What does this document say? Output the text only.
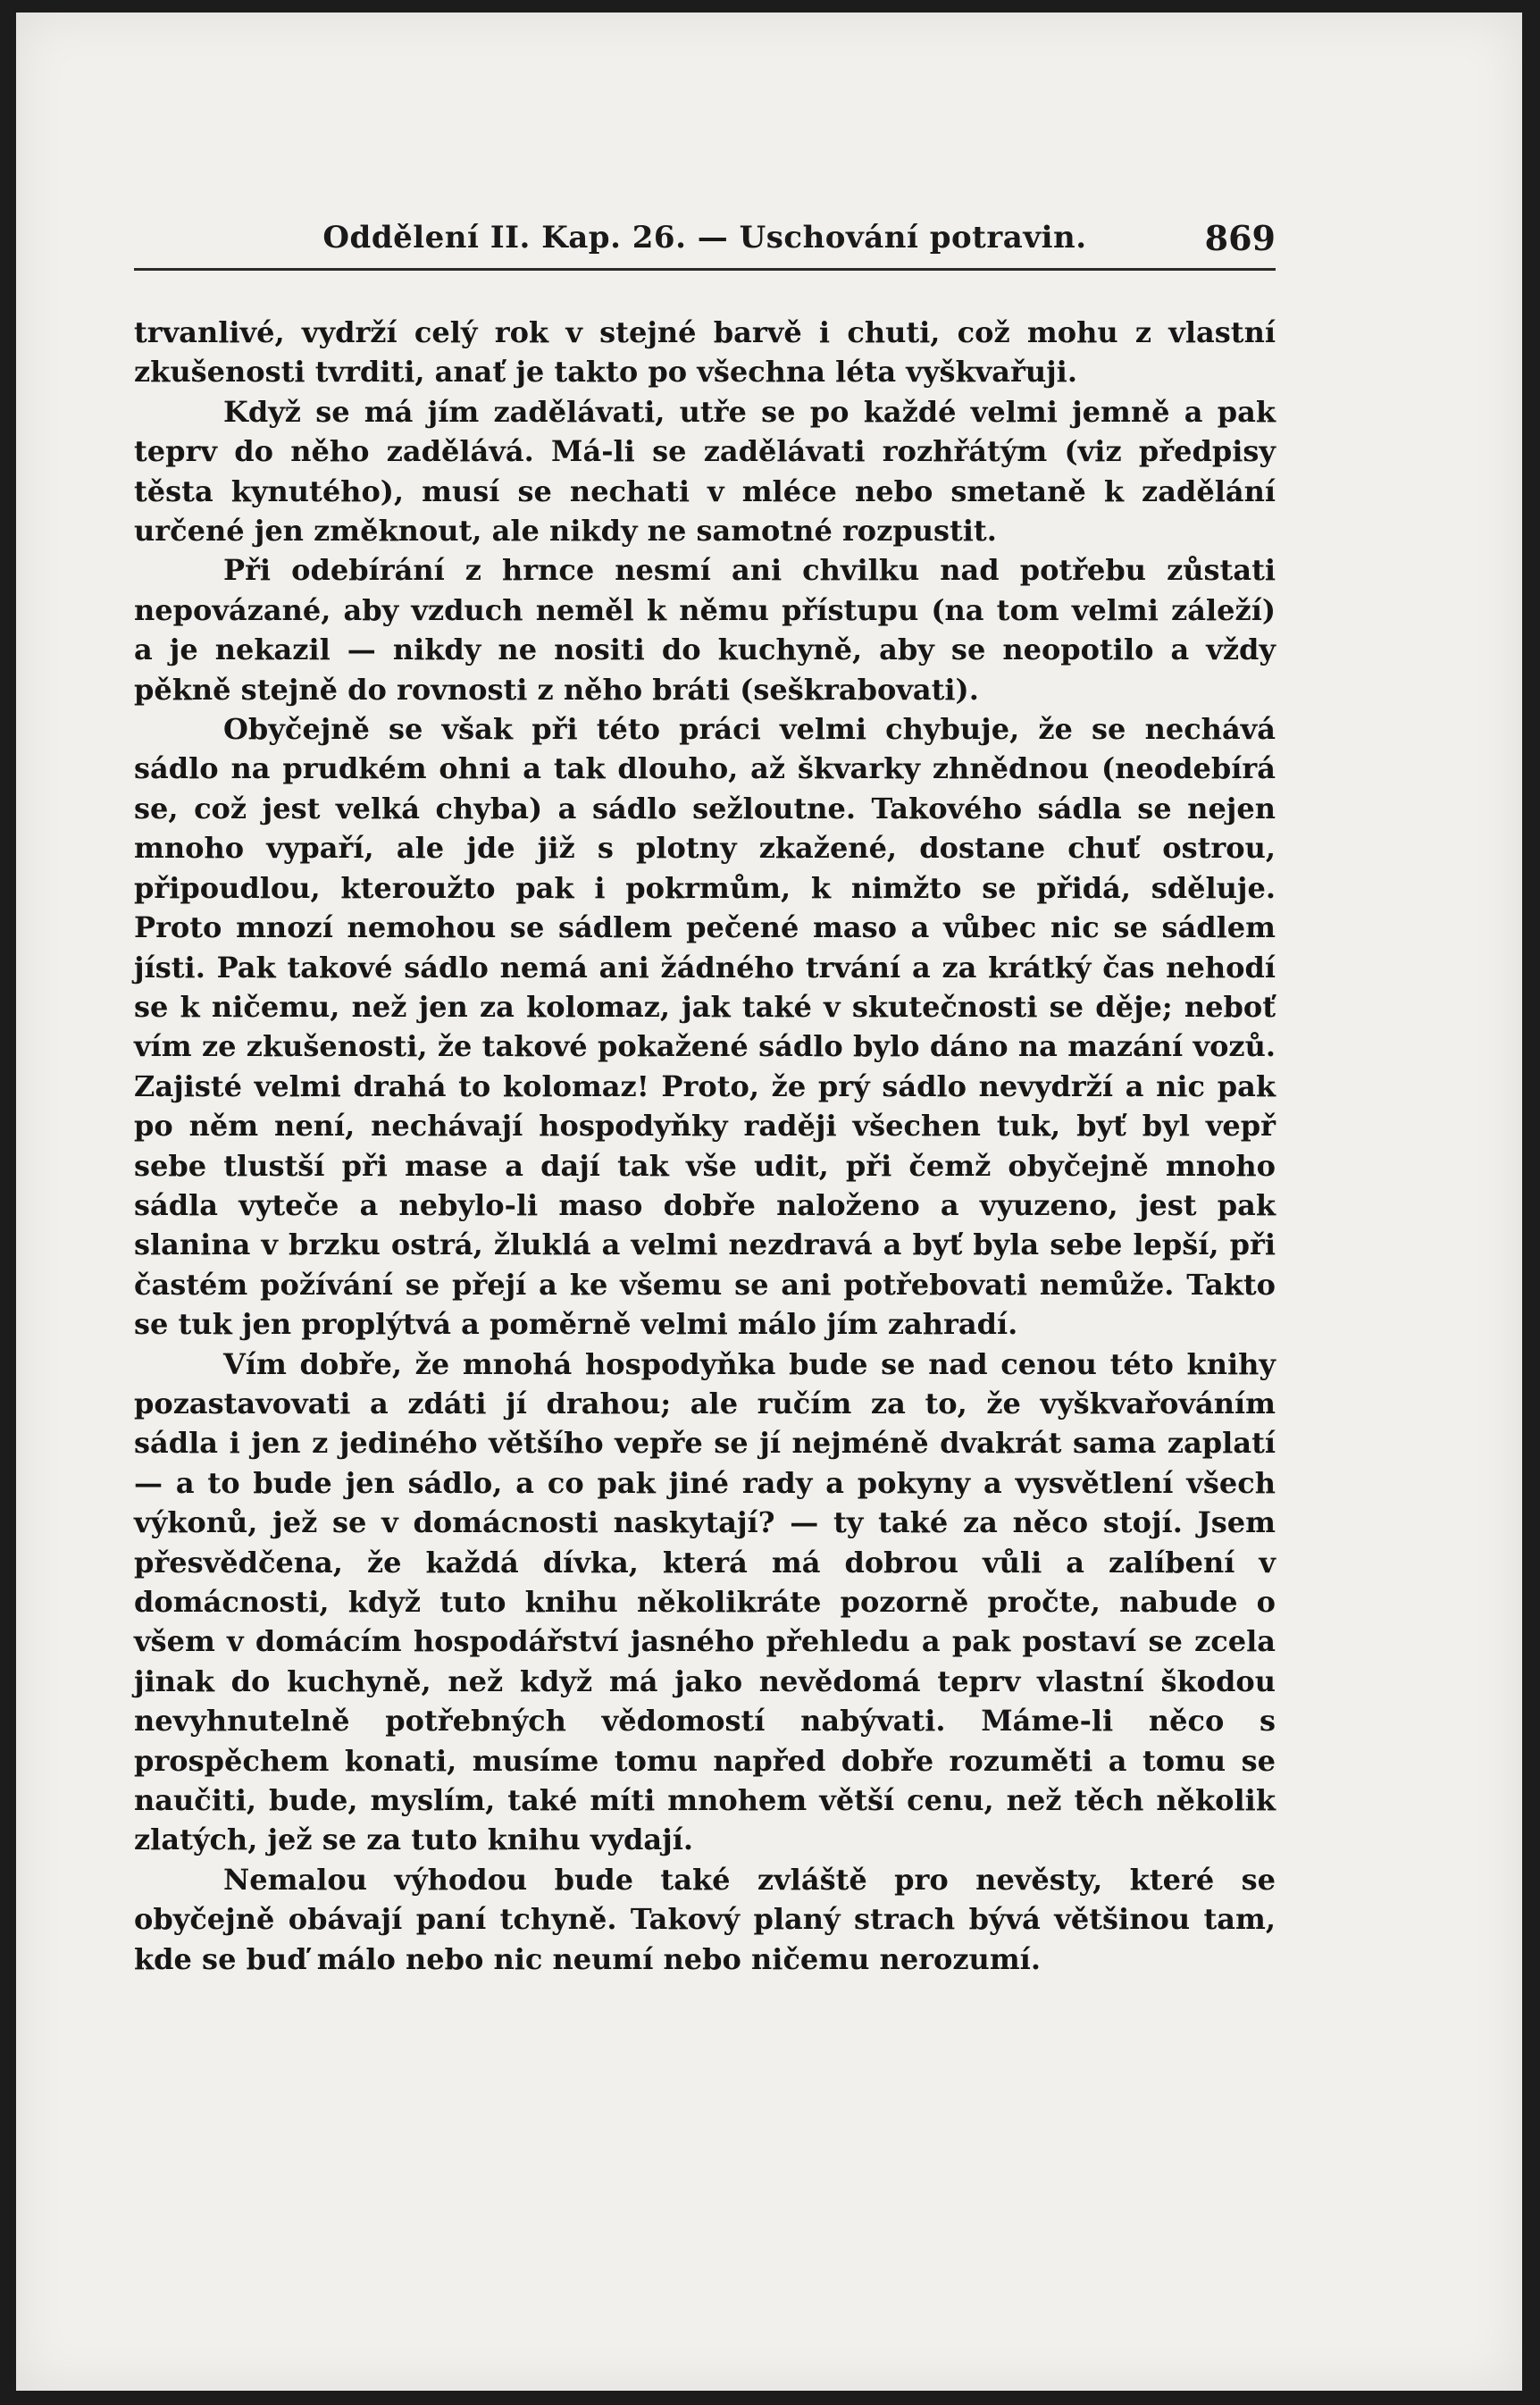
Oddělení II. Kap. 26. — Uschování potravin.	869

trvanlivé, vydrží celý rok v stejné barvě i chuti, což mohu z vlastní zkušenosti tvrditi, anať je takto po všechna léta vyškvařuji.

Když se má jím zadělávati, utře se po každé velmi jemně a pak teprv do něho zadělává. Má-li se zadělávati rozhřátým (viz předpisy těsta kynutého), musí se nechati v mléce nebo smetaně k zadělání určené jen změknout, ale nikdy ne samotné rozpustit.

Při odebírání z hrnce nesmí ani chvilku nad potřebu zůstati nepovázané, aby vzduch neměl k němu přístupu (na tom velmi záleží) a je nekazil — nikdy ne nositi do kuchyně, aby se neopotilo a vždy pěkně stejně do rovnosti z něho bráti (seškrabovati).

Obyčejně se však při této práci velmi chybuje, že se nechává sádlo na prudkém ohni a tak dlouho, až škvarky zhnědnou (neodebírá se, což jest velká chyba) a sádlo sežloutne. Takového sádla se nejen mnoho vypaří, ale jde již s plotny zkažené, dostane chuť ostrou, připoudlou, kteroužto pak i pokrmům, k nimžto se přidá, sděluje. Proto mnozí nemohou se sádlem pečené maso a vůbec nic se sádlem jísti. Pak takové sádlo nemá ani žádného trvání a za krátký čas nehodí se k ničemu, než jen za kolomaz, jak také v skutečnosti se děje; neboť vím ze zkušenosti, že takové pokažené sádlo bylo dáno na mazání vozů. Zajisté velmi drahá to kolomaz! Proto, že prý sádlo nevydrží a nic pak po něm není, nechávají hospodyňky raději všechen tuk, byť byl vepř sebe tlustší při mase a dají tak vše udit, při čemž obyčejně mnoho sádla vyteče a nebylo-li maso dobře naloženo a vyuzeno, jest pak slanina v brzku ostrá, žluklá a velmi nezdravá a byť byla sebe lepší, při častém požívání se přejí a ke všemu se ani potřebovati nemůže. Takto se tuk jen proplýtvá a poměrně velmi málo jím zahradí.

Vím dobře, že mnohá hospodyňka bude se nad cenou této knihy pozastavovati a zdáti jí drahou; ale ručím za to, že vyškvařováním sádla i jen z jediného většího vepře se jí nejméně dvakrát sama zaplatí — a to bude jen sádlo, a co pak jiné rady a pokyny a vysvětlení všech výkonů, jež se v domácnosti naskytají? — ty také za něco stojí. Jsem přesvědčena, že každá dívka, která má dobrou vůli a zalíbení v domácnosti, když tuto knihu několikráte pozorně pročte, nabude o všem v domácím hospodářství jasného přehledu a pak postaví se zcela jinak do kuchyně, než když má jako nevědomá teprv vlastní škodou nevyhnutelně potřebných vědomostí nabývati. Máme-li něco s prospěchem konati, musíme tomu napřed dobře rozuměti a tomu se naučiti, bude, myslím, také míti mnohem větší cenu, než těch několik zlatých, jež se za tuto knihu vydají.

Nemalou výhodou bude také zvláště pro nevěsty, které se obyčejně obávají paní tchyně. Takový planý strach bývá většinou tam, kde se buď málo nebo nic neumí nebo ničemu nerozumí.
